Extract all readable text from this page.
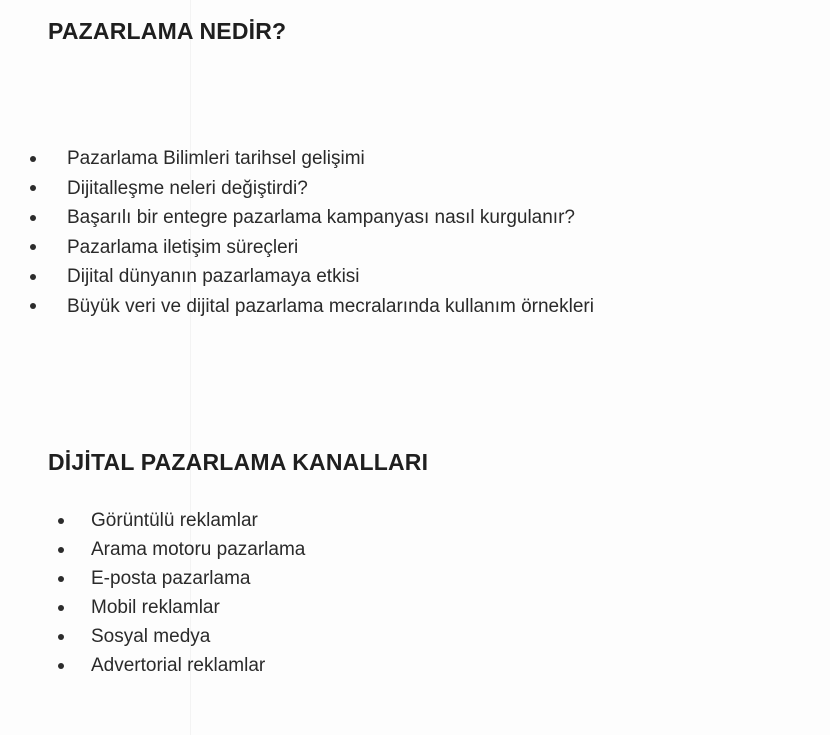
PAZARLAMA NEDİR?
Pazarlama Bilimleri tarihsel gelişimi
Dijitalleşme neleri değiştirdi?
Başarılı bir entegre pazarlama kampanyası nasıl kurgulanır?
Pazarlama iletişim süreçleri
Dijital dünyanın pazarlamaya etkisi
Büyük veri ve dijital pazarlama mecralarında kullanım örnekleri
DİJİTAL PAZARLAMA KANALLARI
Görüntülü reklamlar
Arama motoru pazarlama
E-posta pazarlama
Mobil reklamlar
Sosyal medya
Advertorial reklamlar
